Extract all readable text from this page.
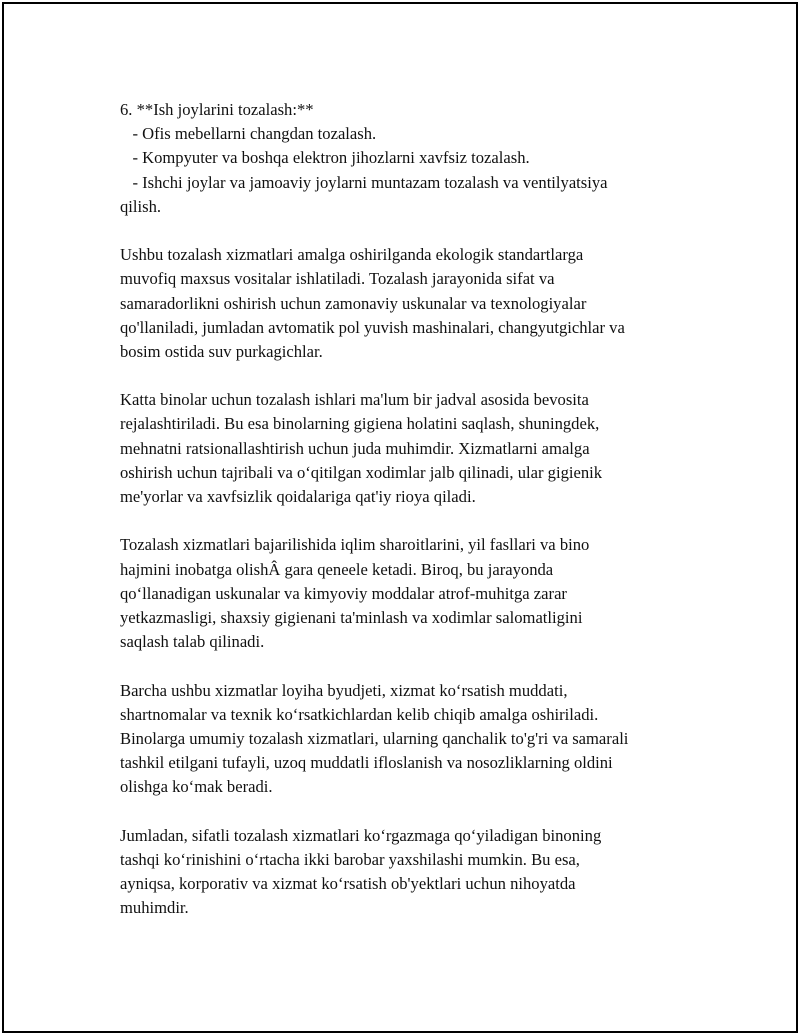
6. **Ish joylarini tozalash:**
- Ofis mebellarni changdan tozalash.
- Kompyuter va boshqa elektron jihozlarni xavfsiz tozalash.
- Ishchi joylar va jamoaviy joylarni muntazam tozalash va ventilyatsiya
qilish.
Ushbu tozalash xizmatlari amalga oshirilganda ekologik standartlarga
muvofiq maxsus vositalar ishlatiladi. Tozalash jarayonida sifat va
samaradorlikni oshirish uchun zamonaviy uskunalar va texnologiyalar
qo'llaniladi, jumladan avtomatik pol yuvish mashinalari, changyutgichlar va
bosim ostida suv purkagichlar.
Katta binolar uchun tozalash ishlari ma'lum bir jadval asosida bevosita
rejalashtiriladi. Bu esa binolarning gigiena holatini saqlash, shuningdek,
mehnatni ratsionallashtirish uchun juda muhimdir. Xizmatlarni amalga
oshirish uchun tajribali va o‘qitilgan xodimlar jalb qilinadi, ular gigienik
me'yorlar va xavfsizlik qoidalariga qat'iy rioya qiladi.
Tozalash xizmatlari bajarilishida iqlim sharoitlarini, yil fasllari va bino
hajmini inobatga olishÂ gara qeneele ketadi. Biroq, bu jarayonda
qo‘llanadigan uskunalar va kimyoviy moddalar atrof-muhitga zarar
yetkazmasligi, shaxsiy gigienani ta'minlash va xodimlar salomatligini
saqlash talab qilinadi.
Barcha ushbu xizmatlar loyiha byudjeti, xizmat ko‘rsatish muddati,
shartnomalar va texnik ko‘rsatkichlardan kelib chiqib amalga oshiriladi.
Binolarga umumiy tozalash xizmatlari, ularning qanchalik to'g'ri va samarali
tashkil etilgani tufayli, uzoq muddatli ifloslanish va nosozliklarning oldini
olishga ko‘mak beradi.
Jumladan, sifatli tozalash xizmatlari ko‘rgazmaga qo‘yiladigan binoning
tashqi ko‘rinishini o‘rtacha ikki barobar yaxshilashi mumkin. Bu esa,
ayniqsa, korporativ va xizmat ko‘rsatish ob'yektlari uchun nihoyatda
muhimdir.
